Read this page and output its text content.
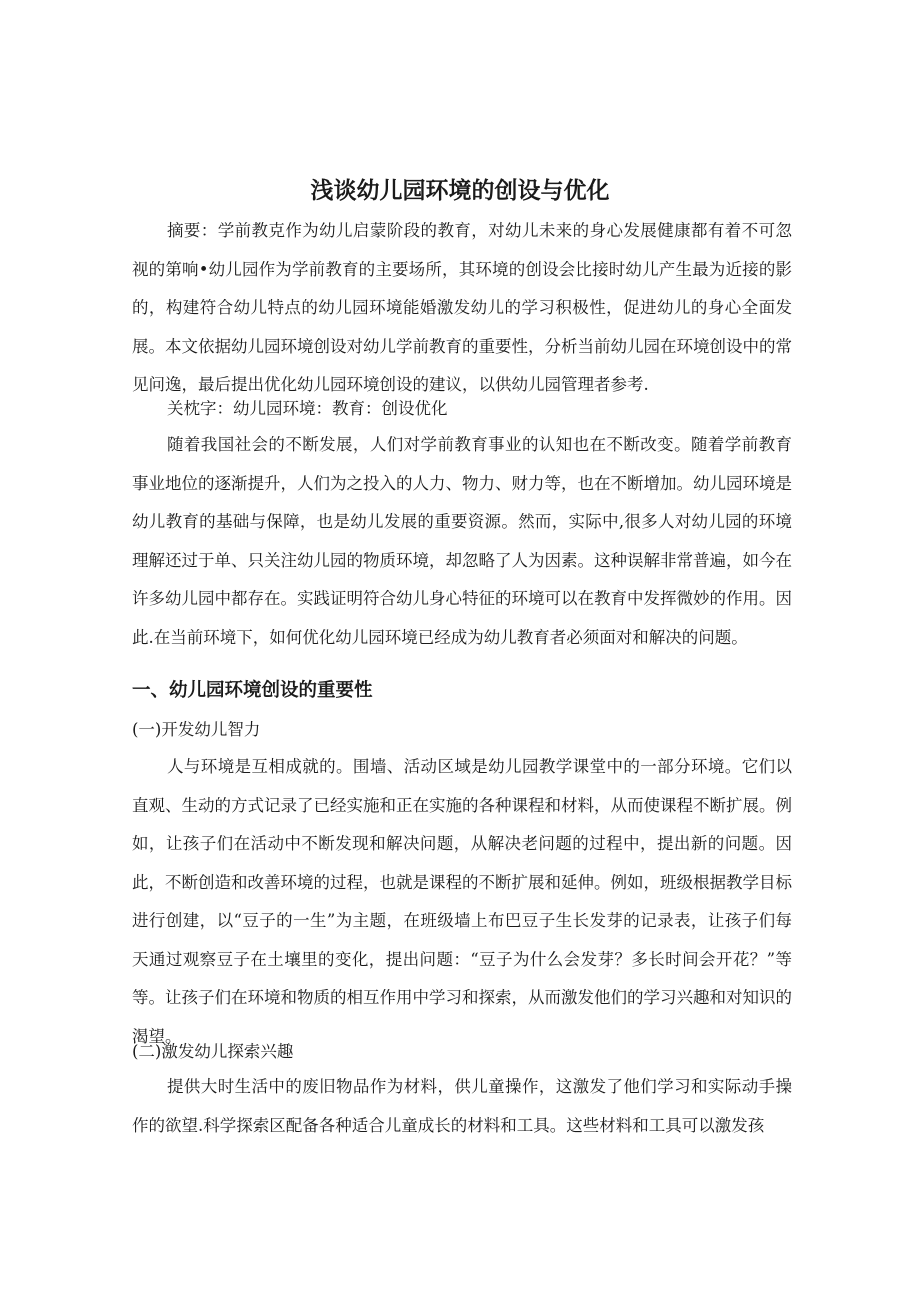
浅谈幼儿园环境的创设与优化

摘要：学前教克作为幼儿启蒙阶段的教育，对幼儿未来的身心发展健康都有着不可忽视的第响•幼儿园作为学前教育的主要场所，其环境的创设会比接时幼儿产生最为近接的影的，构建符合幼儿特点的幼儿园环境能婚激发幼儿的学习积极性，促进幼儿的身心全面发展。本文依据幼儿园环境创设对幼儿学前教育的重要性，分析当前幼儿园在环境创设中的常见问逸，最后提出优化幼儿园环境创设的建议，以供幼儿园管理者参考.

关枕字：幼儿园环境：教育：创设优化

随着我国社会的不断发展，人们对学前教育事业的认知也在不断改变。随着学前教育事业地位的逐渐提升，人们为之投入的人力、物力、财力等，也在不断增加。幼儿园环境是幼儿教育的基础与保障，也是幼儿发展的重要资源。然而，实际中,很多人对幼儿园的环境理解还过于单、只关注幼儿园的物质环境，却忽略了人为因素。这种误解非常普遍，如今在许多幼儿园中都存在。实践证明符合幼儿身心特征的环境可以在教育中发挥微妙的作用。因此.在当前环境下，如何优化幼儿园环境已经成为幼儿教育者必须面对和解决的问题。

一、幼儿园环境创设的重要性
(一)开发幼儿智力

人与环境是互相成就的。围墙、活动区域是幼儿园教学课堂中的一部分环境。它们以直观、生动的方式记录了已经实施和正在实施的各种课程和材料，从而使课程不断扩展。例如，让孩子们在活动中不断发现和解决问题，从解决老问题的过程中，提出新的问题。因此，不断创造和改善环境的过程，也就是课程的不断扩展和延伸。例如，班级根据教学目标进行创建，以“豆子的一生”为主题，在班级墙上布巴豆子生长发芽的记录表，让孩子们每天通过观察豆子在土壤里的变化，提出问题：“豆子为什么会发芽？多长时间会开花？”等等。让孩子们在环境和物质的相互作用中学习和探索，从而激发他们的学习兴趣和对知识的渴望。

(二)激发幼儿探索兴趣

提供大时生活中的废旧物品作为材料，供儿童操作，这激发了他们学习和实际动手操作的欲望.科学探索区配备各种适合儿童成长的材料和工具。这些材料和工具可以激发孩
